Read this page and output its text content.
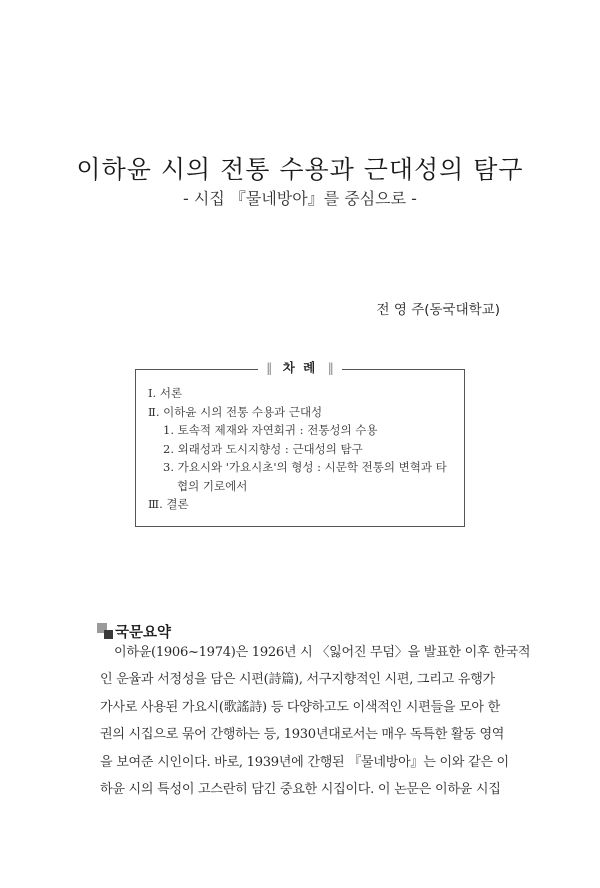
이하윤 시의 전통 수용과 근대성의 탐구
- 시집 『물네방아』를 중심으로 -
전 영 주(동국대학교)
‖ 차 례 ‖
Ⅰ. 서론
Ⅱ. 이하윤 시의 전통 수용과 근대성
1. 토속적 제재와 자연회귀 : 전통성의 수용
2. 외래성과 도시지향성 : 근대성의 탐구
3. 가요시와 '가요시초'의 형성 : 시문학 전통의 변혁과 타
협의 기로에서
Ⅲ. 결론
국문요약
이하윤(1906~1974)은 1926년 시 〈잃어진 무덤〉을 발표한 이후 한국적
인 운율과 서정성을 담은 시편(詩篇), 서구지향적인 시편, 그리고 유행가
가사로 사용된 가요시(歌謠詩) 등 다양하고도 이색적인 시편들을 모아 한
권의 시집으로 묶어 간행하는 등, 1930년대로서는 매우 독특한 활동 영역
을 보여준 시인이다. 바로, 1939년에 간행된 『물네방아』는 이와 같은 이
하윤 시의 특성이 고스란히 담긴 중요한 시집이다. 이 논문은 이하윤 시집
